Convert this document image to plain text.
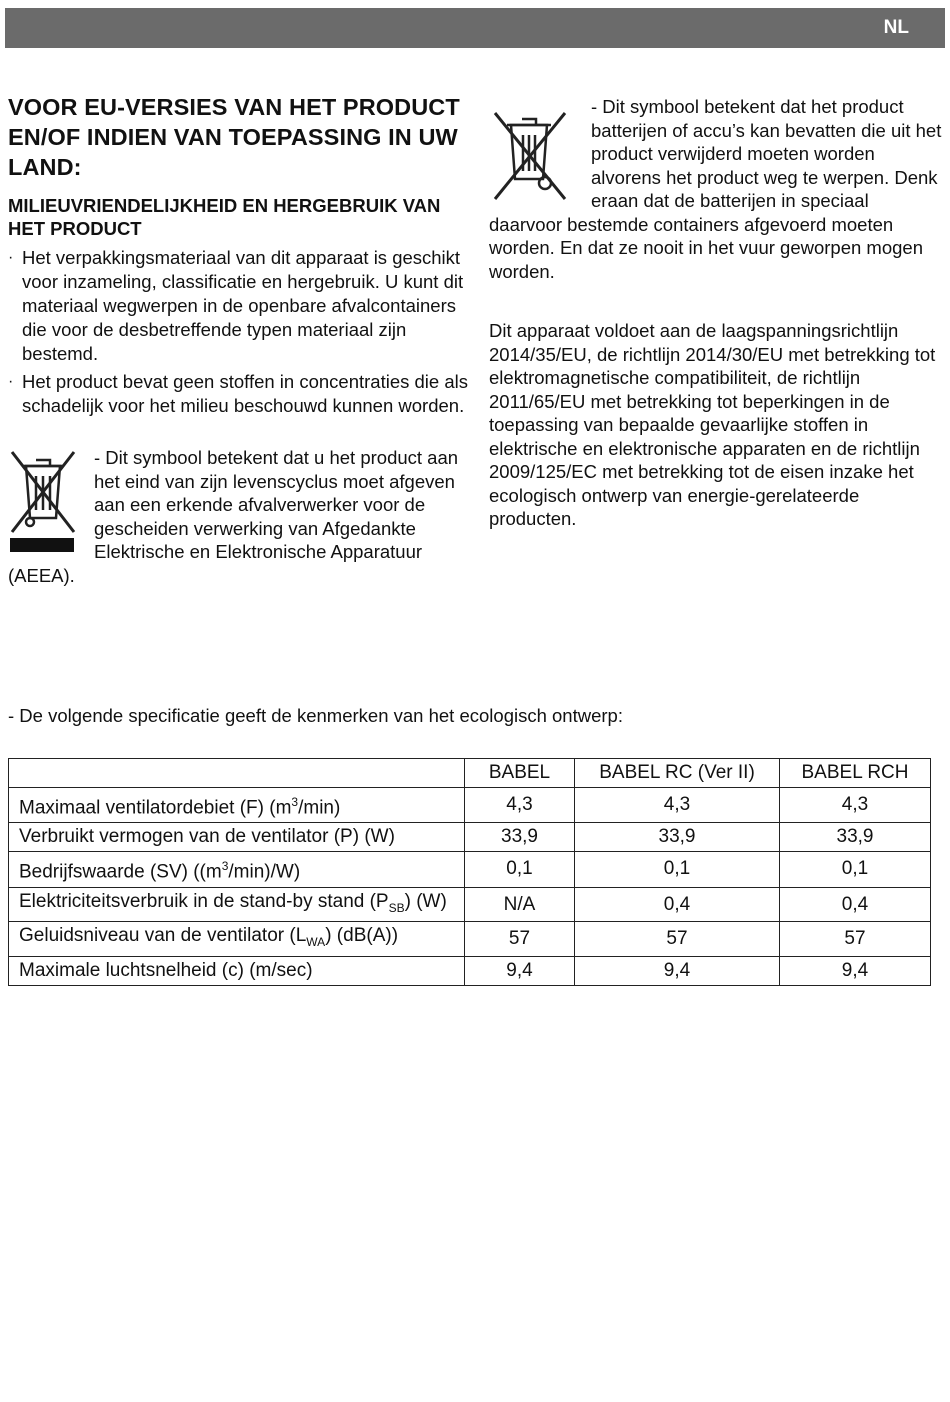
NL
VOOR EU-VERSIES VAN HET PRODUCT EN/OF INDIEN VAN TOEPASSING IN UW LAND:
MILIEUVRIENDELIJKHEID EN HERGEBRUIK VAN HET PRODUCT
· Het verpakkingsmateriaal van dit apparaat is geschikt voor inzameling, classificatie en hergebruik. U kunt dit materiaal wegwerpen in de openbare afvalcontainers die voor de desbetreffende typen materiaal zijn bestemd.
· Het product bevat geen stoffen in concentraties die als schadelijk voor het milieu beschouwd kunnen worden.

- Dit symbool betekent dat u het product aan het eind van zijn levenscyclus moet afgeven aan een erkende afvalverwerker voor de gescheiden verwerking van Afgedankte Elektrische en Elektronische Apparatuur (AEEA).

- Dit symbool betekent dat het product batterijen of accu’s kan bevatten die uit het product verwijderd moeten worden alvorens het product weg te werpen. Denk eraan dat de batterijen in speciaal daarvoor bestemde containers afgevoerd moeten worden. En dat ze nooit in het vuur geworpen mogen worden.

Dit apparaat voldoet aan de laagspanningsrichtlijn 2014/35/EU, de richtlijn 2014/30/EU met betrekking tot elektromagnetische compatibiliteit, de richtlijn 2011/65/EU met betrekking tot beperkingen in de toepassing van bepaalde gevaarlijke stoffen in elektrische en elektronische apparaten en de richtlijn 2009/125/EC met betrekking tot de eisen inzake het ecologisch ontwerp van energie-gerelateerde producten.

- De volgende specificatie geeft de kenmerken van het ecologisch ontwerp:
	BABEL	BABEL RC (Ver II)	BABEL RCH
Maximaal ventilatordebiet (F) $(m^3/\min)$	4,3	4,3	4,3
Verbruikt vermogen van de ventilator (P) (W)	33,9	33,9	33,9
Bedrijfswaarde (SV) $((m^3/\min)/W)$	0,1	0,1	0,1
Elektriciteitsverbruik in de stand-by stand $(P_{SB})$ (W)	N/A	0,4	0,4
Geluidsniveau van de ventilator $(L_{WA})$ (dB(A))	57	57	57
Maximale luchtsnelheid (c) (m/sec)	9,4	9,4	9,4
